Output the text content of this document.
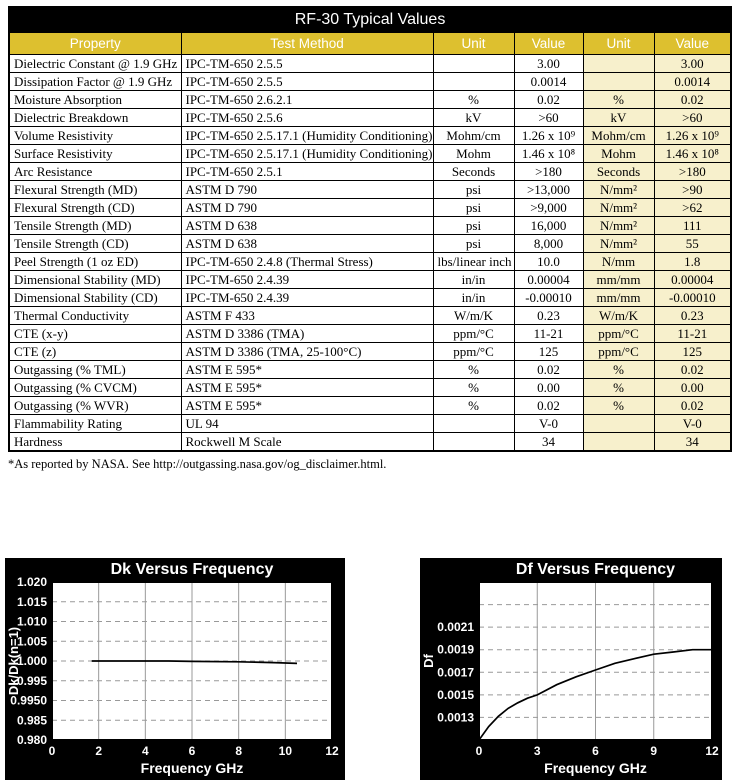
RF-30 Typical Values					
Property	Test Method	Unit	Value	Unit	Value
Dielectric Constant @ 1.9 GHz	IPC-TM-650 2.5.5		3.00		3.00
Dissipation Factor @ 1.9 GHz	IPC-TM-650 2.5.5		0.0014		0.0014
Moisture Absorption	IPC-TM-650 2.6.2.1	%	0.02	%	0.02
Dielectric Breakdown	IPC-TM-650 2.5.6	kV	>60	kV	>60
Volume Resistivity	IPC-TM-650 2.5.17.1 (Humidity Conditioning)	Mohm/cm	1.26 x 10⁹	Mohm/cm	1.26 x 10⁹
Surface Resistivity	IPC-TM-650 2.5.17.1 (Humidity Conditioning)	Mohm	1.46 x 10⁸	Mohm	1.46 x 10⁸
Arc Resistance	IPC-TM-650 2.5.1	Seconds	>180	Seconds	>180
Flexural Strength (MD)	ASTM D 790	psi	>13,000	N/mm²	>90
Flexural Strength (CD)	ASTM D 790	psi	>9,000	N/mm²	>62
Tensile Strength (MD)	ASTM D 638	psi	16,000	N/mm²	111
Tensile Strength (CD)	ASTM D 638	psi	8,000	N/mm²	55
Peel Strength (1 oz ED)	IPC-TM-650 2.4.8 (Thermal Stress)	lbs/linear inch	10.0	N/mm	1.8
Dimensional Stability (MD)	IPC-TM-650 2.4.39	in/in	0.00004	mm/mm	0.00004
Dimensional Stability (CD)	IPC-TM-650 2.4.39	in/in	-0.00010	mm/mm	-0.00010
Thermal Conductivity	ASTM F 433	W/m/K	0.23	W/m/K	0.23
CTE (x-y)	ASTM D 3386 (TMA)	ppm/°C	11-21	ppm/°C	11-21
CTE (z)	ASTM D 3386 (TMA, 25-100°C)	ppm/°C	125	ppm/°C	125
Outgassing (% TML)	ASTM E 595*	%	0.02	%	0.02
Outgassing (% CVCM)	ASTM E 595*	%	0.00	%	0.00
Outgassing (% WVR)	ASTM E 595*	%	0.02	%	0.02
Flammability Rating	UL 94		V-0		V-0
Hardness	Rockwell M Scale		34		34
*As reported by NASA. See http://outgassing.nasa.gov/og_disclaimer.html.
1.020
1.015
1.010
1.005
1.000
0.995
0.9950
0.985
0.980
0	2	4	6	8	10	12
Dk Versus Frequency
Frequency GHz
Dk/Dk(n=1)	0.0021
0.0019
0.0017
0.0015
0.0013
0	3	6	9	12
Df Versus Frequency
Frequency GHz
Df
